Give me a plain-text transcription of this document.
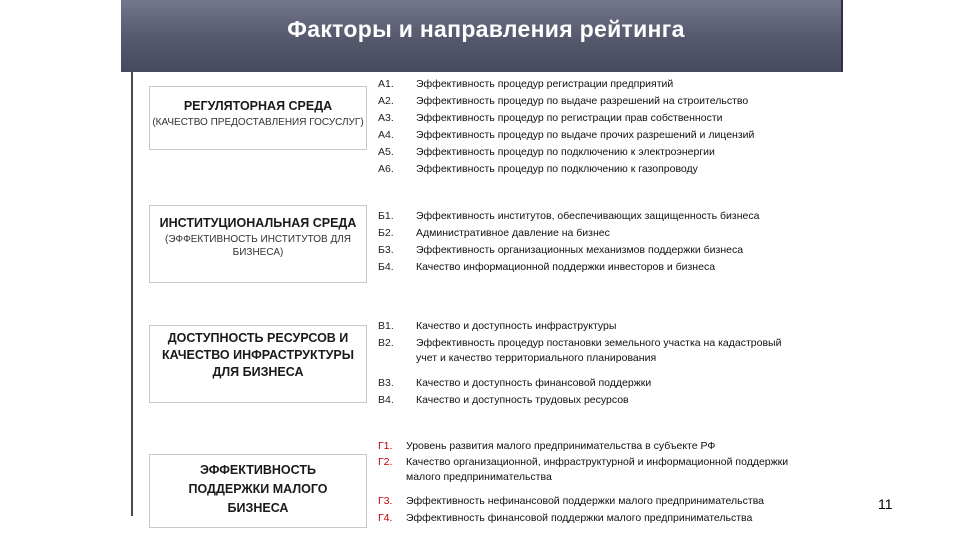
Факторы и направления рейтинга
РЕГУЛЯТОРНАЯ СРЕДА
(КАЧЕСТВО ПРЕДОСТАВЛЕНИЯ ГОСУСЛУГ)
А1.	Эффективность процедур регистрации предприятий
А2.	Эффективность процедур по выдаче разрешений на строительство
А3.	Эффективность процедур по регистрации прав собственности
А4.	Эффективность процедур по выдаче прочих разрешений и лицензий
А5.	Эффективность процедур по подключению к электроэнергии
А6.	Эффективность процедур по подключению к газопроводу
ИНСТИТУЦИОНАЛЬНАЯ СРЕДА
(ЭФФЕКТИВНОСТЬ ИНСТИТУТОВ ДЛЯ БИЗНЕСА)
Б1.	Эффективность институтов, обеспечивающих защищенность бизнеса
Б2.	Административное давление на бизнес
Б3.	Эффективность организационных механизмов поддержки бизнеса
Б4.	Качество информационной поддержки инвесторов и бизнеса
ДОСТУПНОСТЬ РЕСУРСОВ И КАЧЕСТВО ИНФРАСТРУКТУРЫ ДЛЯ БИЗНЕСА
В1.	Качество и доступность инфраструктуры
В2.	Эффективность процедур постановки земельного участка на кадастровый учет и качество территориального планирования
В3.	Качество и доступность финансовой поддержки
В4.	Качество и доступность трудовых ресурсов
ЭФФЕКТИВНОСТЬ ПОДДЕРЖКИ МАЛОГО БИЗНЕСА
Г1.	Уровень развития малого предпринимательства в субъекте РФ
Г2.	Качество организационной, инфраструктурной и информационной поддержки малого предпринимательства
Г3.	Эффективность нефинансовой поддержки малого предпринимательства
Г4.	Эффективность финансовой поддержки малого предпринимательства
11
